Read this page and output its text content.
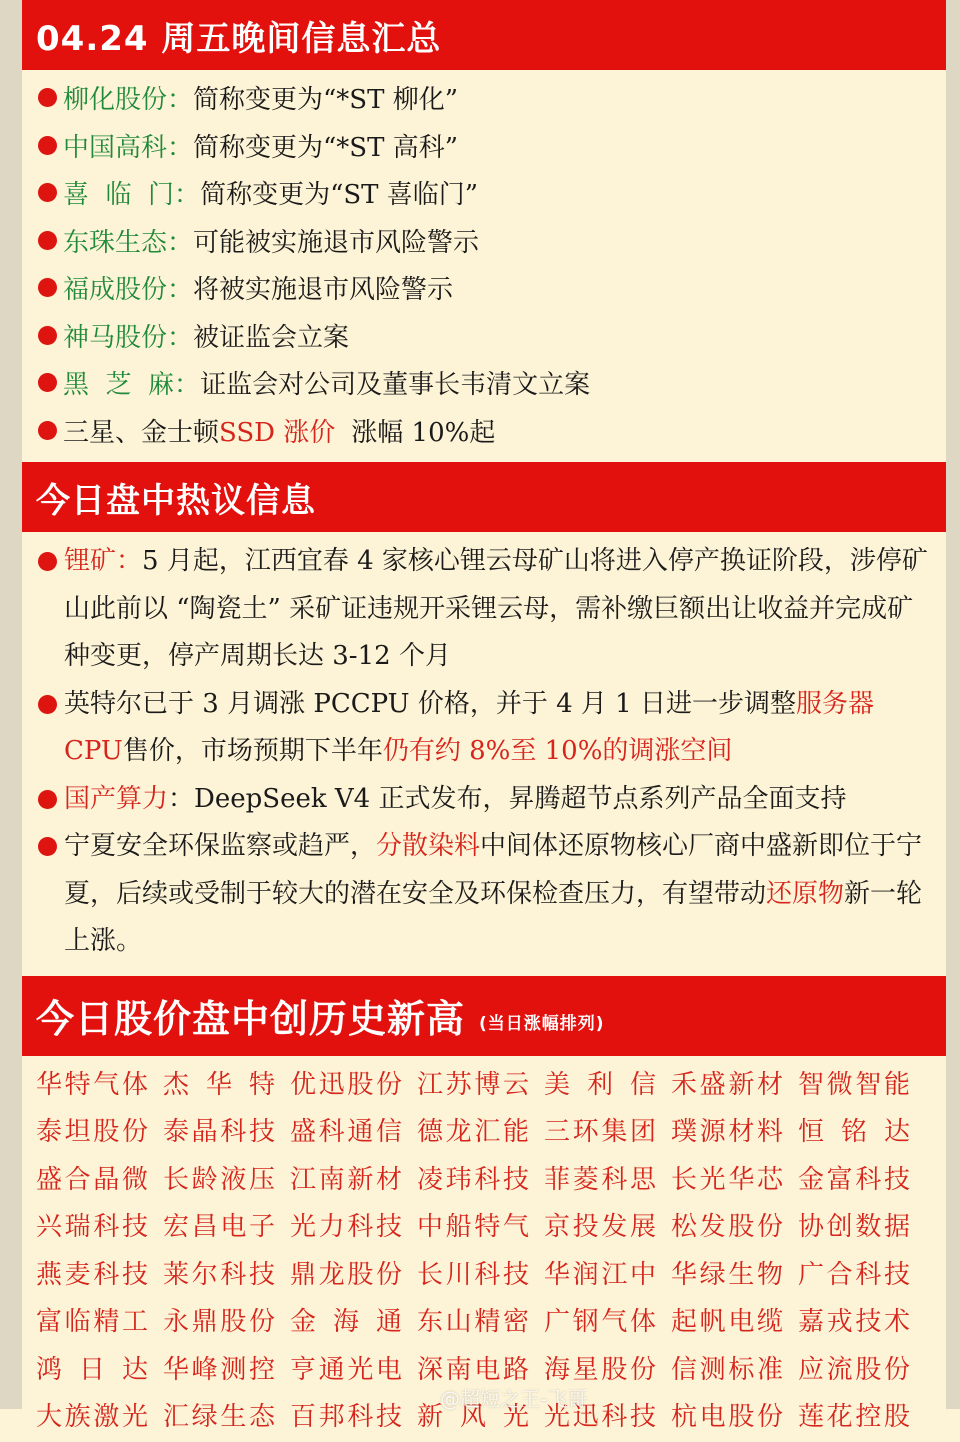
04.24 周五晚间信息汇总
柳化股份： 简称变更为“*ST 柳化”
中国高科： 简称变更为“*ST 高科”
喜  临  门： 简称变更为“ST 喜临门”
东珠生态： 可能被实施退市风险警示
福成股份： 将被实施退市风险警示
神马股份： 被证监会立案
黑  芝  麻： 证监会对公司及董事长韦清文立案
三星、金士顿 SSD 涨价 涨幅 10%起
今日盘中热议信息
锂矿：5 月起，江西宜春 4 家核心锂云母矿山将进入停产换证阶段，涉停矿山此前以 “陶瓷土” 采矿证违规开采锂云母，需补缴巨额出让收益并完成矿种变更，停产周期长达 3-12 个月
英特尔已于 3 月调涨 PCCPU 价格，并于 4 月 1 日进一步调整服务器 CPU售价，市场预期下半年仍有约 8%至 10%的调涨空间
@超短之王-飞哥
国产算力：DeepSeek V4 正式发布，昇腾超节点系列产品全面支持
宁夏安全环保监察或趋严，分散染料中间体还原物核心厂商中盛新即位于宁夏，后续或受制于较大的潜在安全及环保检查压力，有望带动还原物新一轮上涨。
今日股价盘中创历史新高 (当日涨幅排列)
华特气体 杰华特 优迅股份 江苏博云 美利信 禾盛新材 智微智能
泰坦股份 泰晶科技 盛科通信 德龙汇能 三环集团 璞源材料 恒铭达
盛合晶微 长龄液压 江南新材 凌玮科技 菲菱科思 长光华芯 金富科技
兴瑞科技 宏昌电子 光力科技 中船特气 京投发展 松发股份 协创数据
燕麦科技 莱尔科技 鼎龙股份 长川科技 华润江中 华绿生物 广合科技
富临精工 永鼎股份 金海通 东山精密 广钢气体 起帆电缆 嘉戎技术
鸿日达 华峰测控 亨通光电 深南电路 海星股份 信测标准 应流股份
大族激光 汇绿生态 百邦科技 新风光 光迅科技 杭电股份 莲花控股
